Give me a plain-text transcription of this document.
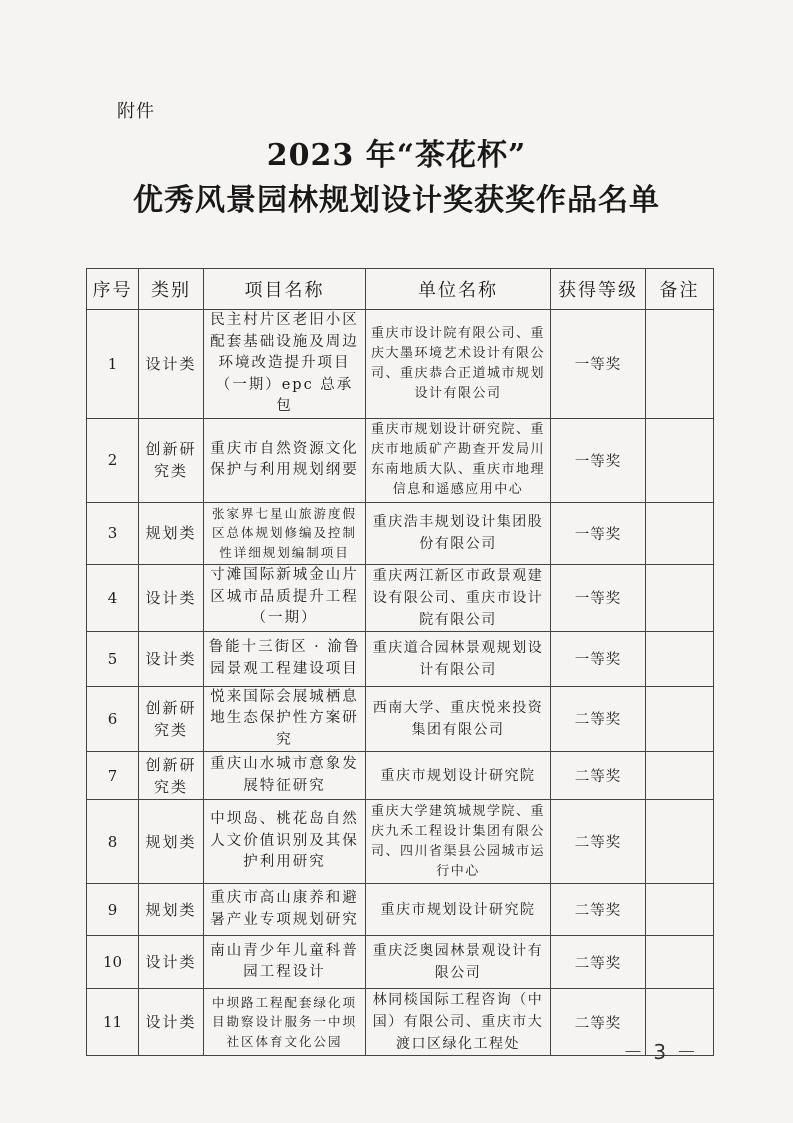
附件
2023 年“茶花杯”
优秀风景园林规划设计奖获奖作品名单
序号	类别	项目名称	单位名称	获得等级	备注
1	设计类	民主村片区老旧小区配套基础设施及周边环境改造提升项目（一期）epc 总承包	重庆市设计院有限公司、重庆大墨环境艺术设计有限公司、重庆恭合正道城市规划设计有限公司	一等奖	
2	创新研究类	重庆市自然资源文化保护与利用规划纲要	重庆市规划设计研究院、重庆市地质矿产勘查开发局川东南地质大队、重庆市地理信息和遥感应用中心	一等奖	
3	规划类	张家界七星山旅游度假区总体规划修编及控制性详细规划编制项目	重庆浩丰规划设计集团股份有限公司	一等奖	
4	设计类	寸滩国际新城金山片区城市品质提升工程（一期）	重庆两江新区市政景观建设有限公司、重庆市设计院有限公司	一等奖	
5	设计类	鲁能十三街区 · 渝鲁园景观工程建设项目	重庆道合园林景观规划设计有限公司	一等奖	
6	创新研究类	悦来国际会展城栖息地生态保护性方案研究	西南大学、重庆悦来投资集团有限公司	二等奖	
7	创新研究类	重庆山水城市意象发展特征研究	重庆市规划设计研究院	二等奖	
8	规划类	中坝岛、桃花岛自然人文价值识别及其保护利用研究	重庆大学建筑城规学院、重庆九禾工程设计集团有限公司、四川省渠县公园城市运行中心	二等奖	
9	规划类	重庆市高山康养和避暑产业专项规划研究	重庆市规划设计研究院	二等奖	
10	设计类	南山青少年儿童科普园工程设计	重庆泛奥园林景观设计有限公司	二等奖	
11	设计类	中坝路工程配套绿化项目勘察设计服务一中坝社区体育文化公园	林同棪国际工程咨询（中国）有限公司、重庆市大渡口区绿化工程处	二等奖	
－ 3 －
